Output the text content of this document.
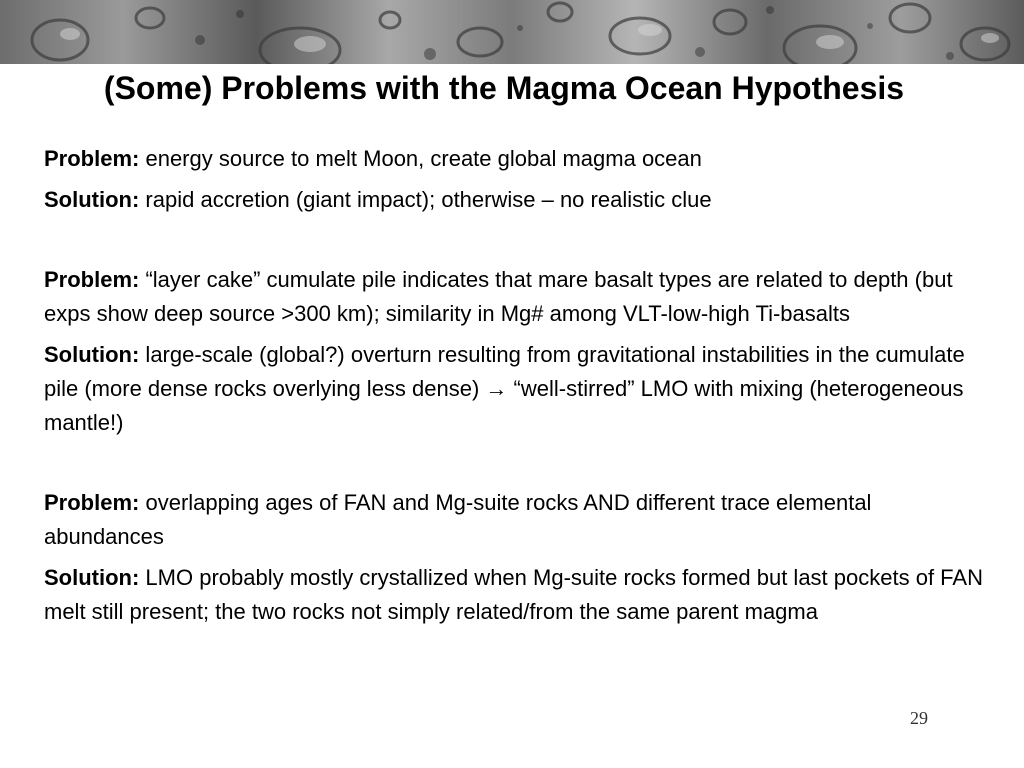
(Some) Problems with the Magma Ocean Hypothesis
Problem: energy source to melt Moon, create global magma ocean
Solution: rapid accretion (giant impact); otherwise – no realistic clue
Problem: “layer cake” cumulate pile indicates that mare basalt types are related to depth (but exps show deep source >300 km); similarity in Mg# among VLT-low-high Ti-basalts
Solution: large-scale (global?) overturn resulting from gravitational instabilities in the cumulate pile (more dense rocks overlying less dense) → “well-stirred” LMO with mixing (heterogeneous mantle!)
Problem: overlapping ages of FAN and Mg-suite rocks AND different trace elemental abundances
Solution: LMO probably mostly crystallized when Mg-suite rocks formed but last pockets of FAN melt still present; the two rocks not simply related/from the same parent magma
29
